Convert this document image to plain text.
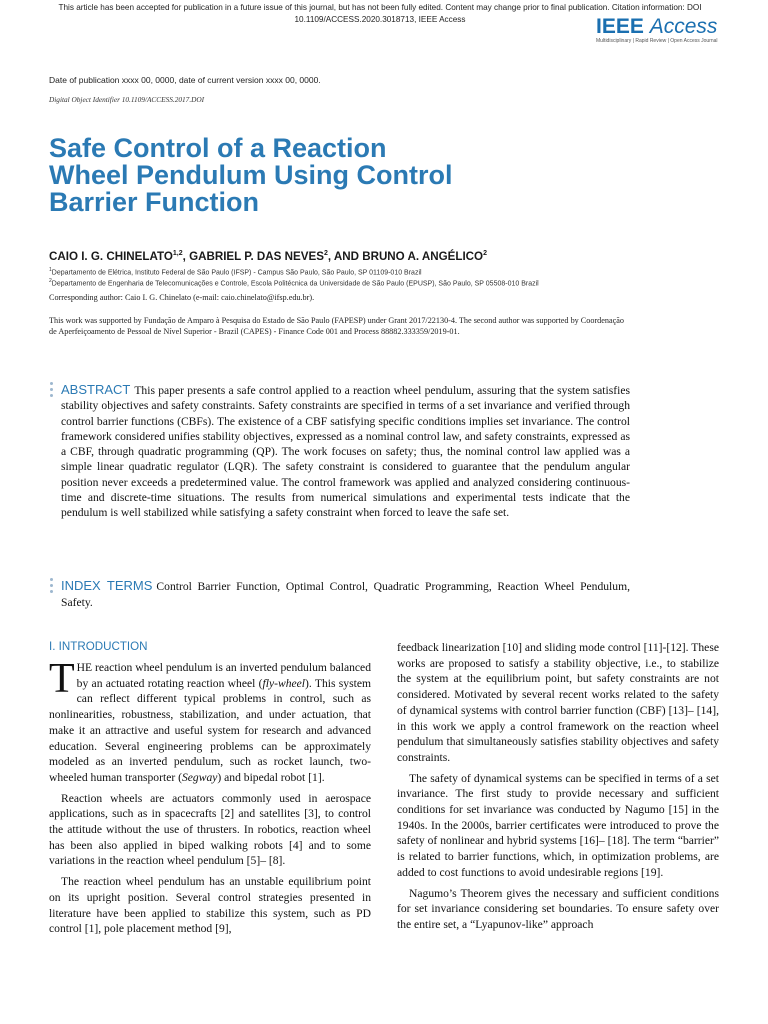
This article has been accepted for publication in a future issue of this journal, but has not been fully edited. Content may change prior to final publication. Citation information: DOI 10.1109/ACCESS.2020.3018713, IEEE Access	IEEE Access
Multidisciplinary | Rapid Review | Open Access Journal
Date of publication xxxx 00, 0000, date of current version xxxx 00, 0000.
Digital Object Identifier 10.1109/ACCESS.2017.DOI
Safe Control of a Reaction
Wheel Pendulum Using Control
Barrier Function
CAIO I. G. CHINELATO$^{1,2}$, GABRIEL P. DAS NEVES$^2$, AND BRUNO A. ANGÉLICO$^2$
$^1$Departamento de Elétrica, Instituto Federal de São Paulo (IFSP) - Campus São Paulo, São Paulo, SP 01109-010 Brazil
$^2$Departamento de Engenharia de Telecomunicações e Controle, Escola Politécnica da Universidade de São Paulo (EPUSP), São Paulo, SP 05508-010 Brazil
Corresponding author: Caio I. G. Chinelato (e-mail: caio.chinelato@ifsp.edu.br).
This work was supported by Fundação de Amparo à Pesquisa do Estado de São Paulo (FAPESP) under Grant 2017/22130-4. The second author was supported by Coordenação de Aperfeiçoamento de Pessoal de Nível Superior - Brazil (CAPES) - Finance Code 001 and Process 88882.333359/2019-01.

ABSTRACT This paper presents a safe control applied to a reaction wheel pendulum, assuring that the system satisfies stability objectives and safety constraints. Safety constraints are specified in terms of a set invariance and verified through control barrier functions (CBFs). The existence of a CBF satisfying specific conditions implies set invariance. The control framework considered unifies stability objectives, expressed as a nominal control law, and safety constraints, expressed as a CBF, through quadratic programming (QP). The work focuses on safety; thus, the nominal control law applied was a simple linear quadratic regulator (LQR). The safety constraint is considered to guarantee that the pendulum angular position never exceeds a predetermined value. The control framework was applied and analyzed considering continuous-time and discrete-time situations. The results from numerical simulations and experimental tests indicate that the pendulum is well stabilized while satisfying a safety constraint when forced to leave the safe set.

INDEX TERMS Control Barrier Function, Optimal Control, Quadratic Programming, Reaction Wheel Pendulum, Safety.

I. INTRODUCTION

THE reaction wheel pendulum is an inverted pendulum balanced by an actuated rotating reaction wheel (fly-wheel). This system can reflect different typical problems in control, such as nonlinearities, robustness, stabilization, and under actuation, that make it an attractive and useful system for research and advanced education. Several engineering problems can be approximately modeled as an inverted pendulum, such as rocket launch, two-wheeled human transporter (Segway) and bipedal robot [1].

Reaction wheels are actuators commonly used in aerospace applications, such as in spacecrafts [2] and satellites [3], to control the attitude without the use of thrusters. In robotics, reaction wheel has been also applied in biped walking robots [4] and to some variations in the reaction wheel pendulum [5]– [8].

The reaction wheel pendulum has an unstable equilibrium point on its upright position. Several control strategies presented in literature have been applied to stabilize this system, such as PD control [1], pole placement method [9],

feedback linearization [10] and sliding mode control [11]-[12]. These works are proposed to satisfy a stability objective, i.e., to stabilize the system at the equilibrium point, but safety constraints are not considered. Motivated by several recent works related to the safety of dynamical systems with control barrier function (CBF) [13]– [14], in this work we apply a control framework on the reaction wheel pendulum that simultaneously satisfies stability objectives and safety constraints.

The safety of dynamical systems can be specified in terms of a set invariance. The first study to provide necessary and sufficient conditions for set invariance was conducted by Nagumo [15] in the 1940s. In the 2000s, barrier certificates were introduced to prove the safety of nonlinear and hybrid systems [16]– [18]. The term “barrier” is related to barrier functions, which, in optimization problems, are added to cost functions to avoid undesirable regions [19].

Nagumo’s Theorem gives the necessary and sufficient conditions for set invariance considering set boundaries. To ensure safety over the entire set, a “Lyapunov-like” approach
